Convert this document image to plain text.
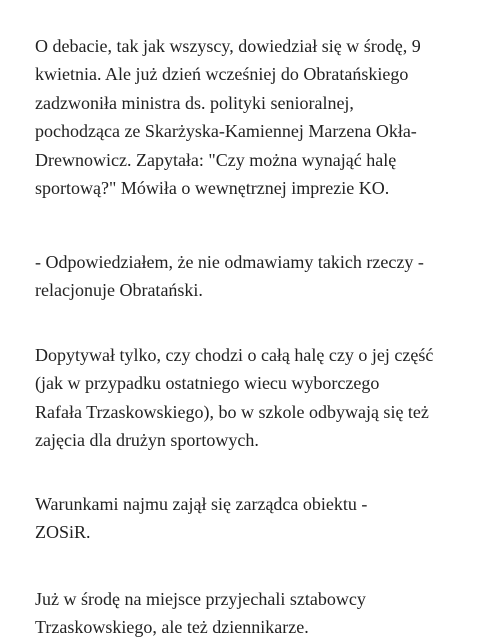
O debacie, tak jak wszyscy, dowiedział się w środę, 9
kwietnia. Ale już dzień wcześniej do Obratańskiego
zadzwoniła ministra ds. polityki senioralnej,
pochodząca ze Skarżyska-Kamiennej Marzena Okła-
Drewnowicz. Zapytała: "Czy można wynająć halę
sportową?" Mówiła o wewnętrznej imprezie KO.

- Odpowiedziałem, że nie odmawiamy takich rzeczy -
relacjonuje Obratański.

Dopytywał tylko, czy chodzi o całą halę czy o jej część
(jak w przypadku ostatniego wiecu wyborczego
Rafała Trzaskowskiego), bo w szkole odbywają się też
zajęcia dla drużyn sportowych.

Warunkami najmu zajął się zarządca obiektu -
ZOSiR.

Już w środę na miejsce przyjechali sztabowcy
Trzaskowskiego, ale też dziennikarze.
